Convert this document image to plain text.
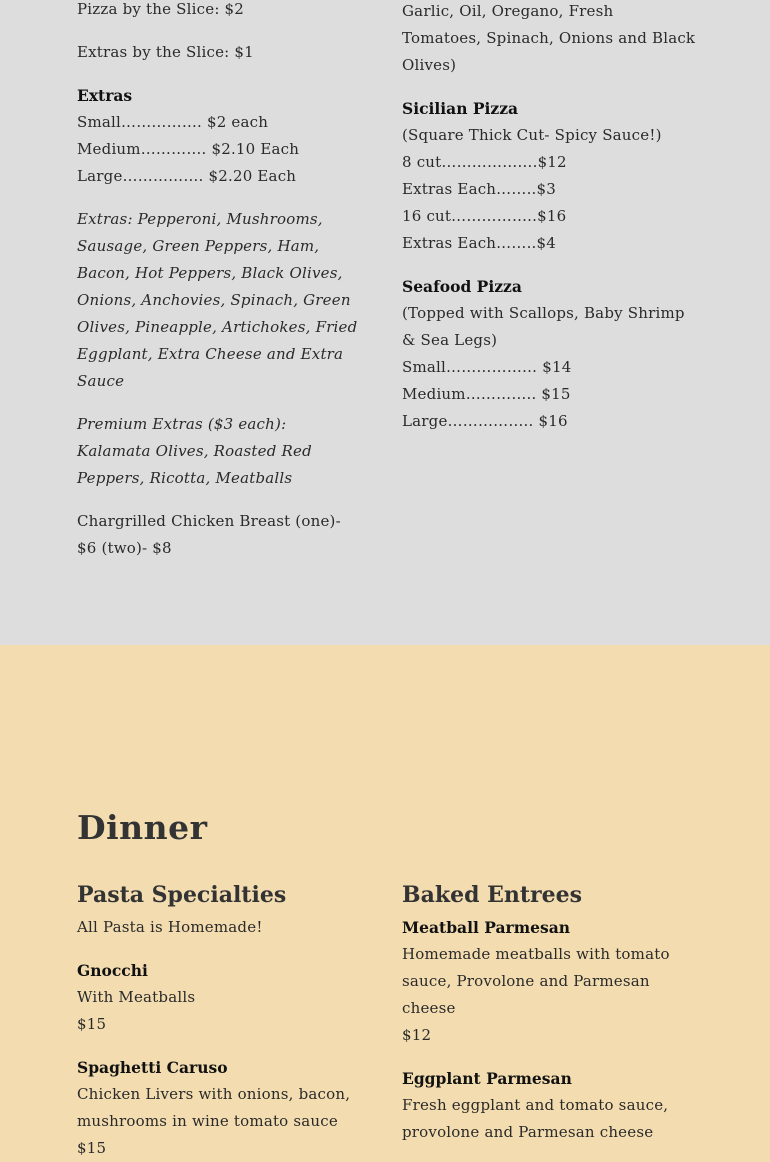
Pizza by the Slice: $2

Extras by the Slice: $1

Extras
Small……………. $2 each
Medium…………. $2.10 Each
Large……………. $2.20 Each

Extras: Pepperoni, Mushrooms, Sausage, Green Peppers, Ham, Bacon, Hot Peppers, Black Olives, Onions, Anchovies, Spinach, Green Olives, Pineapple, Artichokes, Fried Eggplant, Extra Cheese and Extra Sauce

Premium Extras ($3 each): Kalamata Olives, Roasted Red Peppers, Ricotta, Meatballs

Chargrilled Chicken Breast (one)- $6 (two)- $8

Garlic, Oil, Oregano, Fresh Tomatoes, Spinach, Onions and Black Olives)

Sicilian Pizza
(Square Thick Cut- Spicy Sauce!)
8 cut……………….$12
Extras Each……..$3
16 cut……………..$16
Extras Each……..$4
Seafood Pizza

(Topped with Scallops, Baby Shrimp & Sea Legs)

Small……………… $14
Medium………….. $15
Large…………….. $16
Dinner
Pasta Specialties

All Pasta is Homemade!

Gnocchi
With Meatballs
$15
Spaghetti Caruso

Chicken Livers with onions, bacon, mushrooms in wine tomato sauce

$15
Baked Entrees
Meatball Parmesan

Homemade meatballs with tomato sauce, Provolone and Parmesan cheese

$12
Eggplant Parmesan

Fresh eggplant and tomato sauce, provolone and Parmesan cheese
